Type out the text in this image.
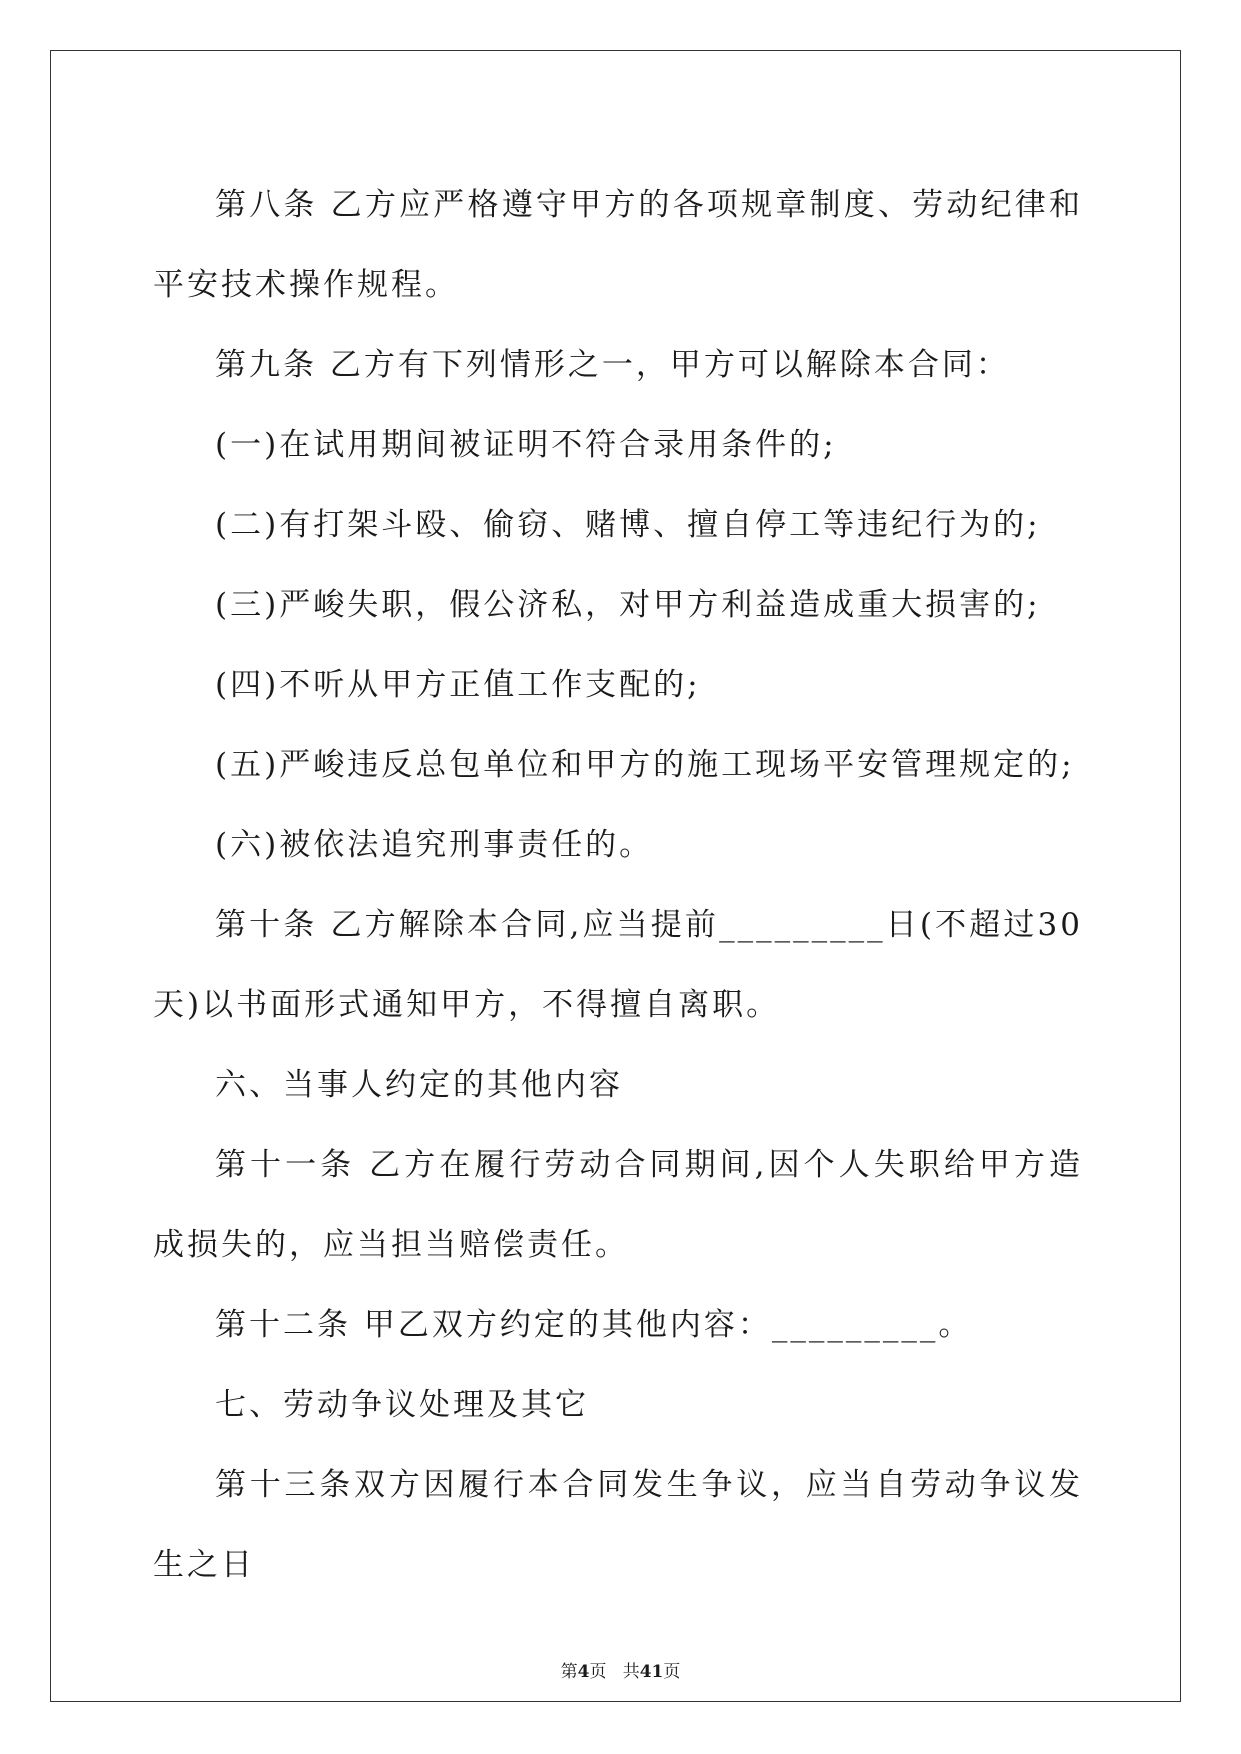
第八条 乙方应严格遵守甲方的各项规章制度、劳动纪律和平安技术操作规程。

第九条 乙方有下列情形之一，甲方可以解除本合同：

(一)在试用期间被证明不符合录用条件的;

(二)有打架斗殴、偷窃、赌博、擅自停工等违纪行为的;

(三)严峻失职，假公济私，对甲方利益造成重大损害的;

(四)不听从甲方正值工作支配的;

(五)严峻违反总包单位和甲方的施工现场平安管理规定的;

(六)被依法追究刑事责任的。

第十条 乙方解除本合同,应当提前_________日(不超过30天)以书面形式通知甲方，不得擅自离职。

六、当事人约定的其他内容

第十一条 乙方在履行劳动合同期间,因个人失职给甲方造成损失的，应当担当赔偿责任。

第十二条 甲乙双方约定的其他内容：_________。

七、劳动争议处理及其它

第十三条双方因履行本合同发生争议，应当自劳动争议发生之日

第4页 共41页
